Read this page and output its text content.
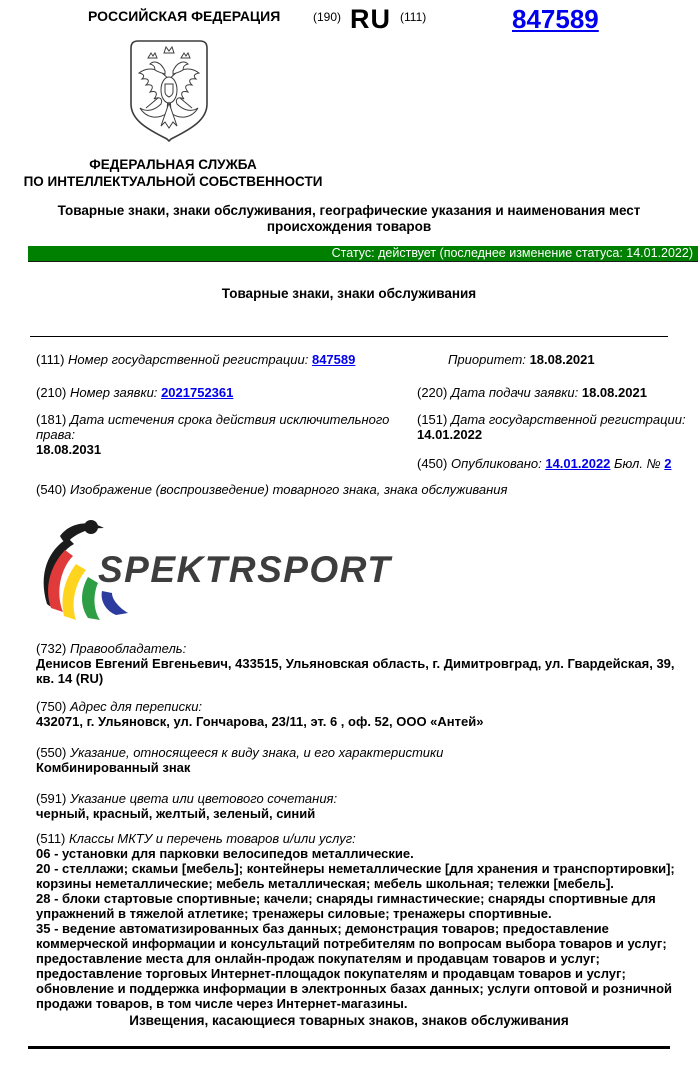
РОССИЙСКАЯ ФЕДЕРАЦИЯ	(190) RU (111)	847589
ФЕДЕРАЛЬНАЯ СЛУЖБА
ПО ИНТЕЛЛЕКТУАЛЬНОЙ СОБСТВЕННОСТИ
Товарные знаки, знаки обслуживания, географические указания и наименования мест происхождения товаров
Статус: действует (последнее изменение статуса: 14.01.2022)
Товарные знаки, знаки обслуживания
(111) Номер государственной регистрации: 847589	Приоритет: 18.08.2021
(210) Номер заявки: 2021752361	(220) Дата подачи заявки: 18.08.2021
(181) Дата истечения срока действия исключительного права:
18.08.2031
(151) Дата государственной регистрации:
14.01.2022
(450) Опубликовано: 14.01.2022 Бюл. № 2
(540) Изображение (воспроизведение) товарного знака, знака обслуживания
SPEKTRSPORT
(732) Правообладатель:
Денисов Евгений Евгеньевич, 433515, Ульяновская область, г. Димитровград, ул. Гвардейская, 39, кв. 14 (RU)
(750) Адрес для переписки:
432071, г. Ульяновск, ул. Гончарова, 23/11, эт. 6 , оф. 52, ООО «Антей»
(550) Указание, относящееся к виду знака, и его характеристики
Комбинированный знак
(591) Указание цвета или цветового сочетания:
черный, красный, желтый, зеленый, синий
(511) Классы МКТУ и перечень товаров и/или услуг:
06 - установки для парковки велосипедов металлические.
20 - стеллажи; скамьи [мебель]; контейнеры неметаллические [для хранения и транспортировки]; корзины неметаллические; мебель металлическая; мебель школьная; тележки [мебель].
28 - блоки стартовые спортивные; качели; снаряды гимнастические; снаряды спортивные для упражнений в тяжелой атлетике; тренажеры силовые; тренажеры спортивные.
35 - ведение автоматизированных баз данных; демонстрация товаров; предоставление коммерческой информации и консультаций потребителям по вопросам выбора товаров и услуг; предоставление места для онлайн-продаж покупателям и продавцам товаров и услуг; предоставление торговых Интернет-площадок покупателям и продавцам товаров и услуг; обновление и поддержка информации в электронных базах данных; услуги оптовой и розничной продажи товаров, в том числе через Интернет-магазины.
Извещения, касающиеся товарных знаков, знаков обслуживания
